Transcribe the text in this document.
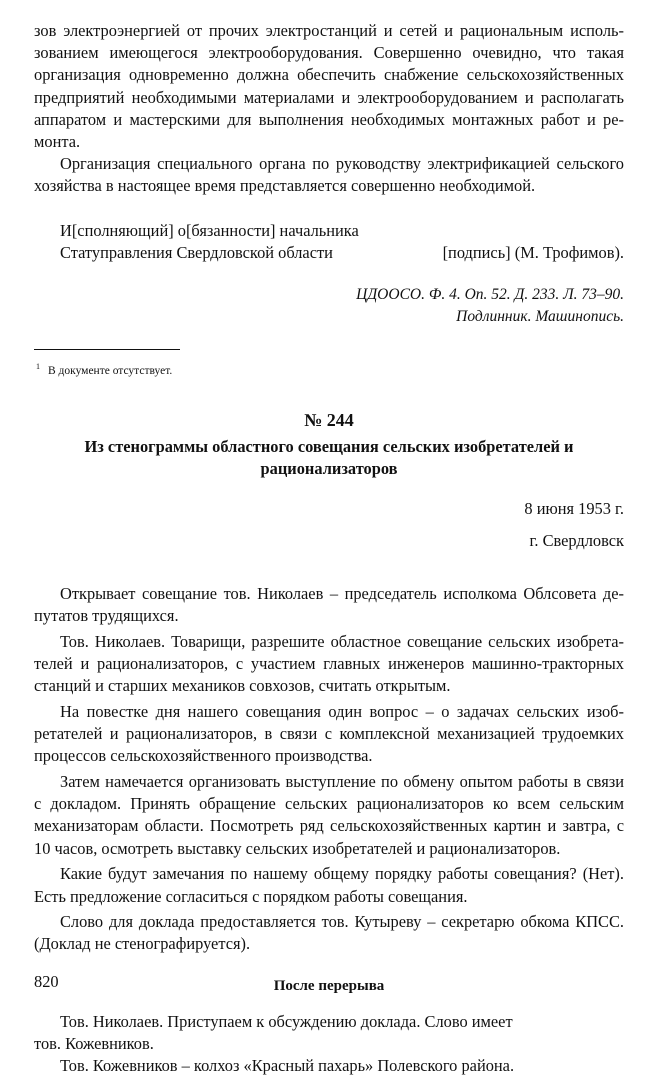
зов электроэнергией от прочих электростанций и сетей и рациональным использованием имеющегося электрооборудования. Совершенно очевидно, что такая организация одновременно должна обеспечить снабжение сельскохозяйственных предприятий необходимыми материалами и электрооборудованием и располагать аппаратом и мастерскими для выполнения необходимых монтажных работ и ремонта.

Организация специального органа по руководству электрификацией сельского хозяйства в настоящее время представляется совершенно необходимой.

И[сполняющий] о[бязанности] начальника
Статуправления Свердловской области	[подпись] (М. Трофимов).
ЦДООСО. Ф. 4. Оп. 52. Д. 233. Л. 73–90.
Подлинник. Машинопись.
$^1$ В документе отсутствует.
№ 244
Из стенограммы областного совещания сельских изобретателей и рационализаторов
8 июня 1953 г.
г. Свердловск

Открывает совещание тов. Николаев – председатель исполкома Облсовета депутатов трудящихся.

Тов. Николаев. Товарищи, разрешите областное совещание сельских изобретателей и рационализаторов, с участием главных инженеров машинно-тракторных станций и старших механиков совхозов, считать открытым.

На повестке дня нашего совещания один вопрос – о задачах сельских изобретателей и рационализаторов, в связи с комплексной механизацией трудоемких процессов сельскохозяйственного производства.

Затем намечается организовать выступление по обмену опытом работы в связи с докладом. Принять обращение сельских рационализаторов ко всем сельским механизаторам области. Посмотреть ряд сельскохозяйственных картин и завтра, с 10 часов, осмотреть выставку сельских изобретателей и рационализаторов.

Какие будут замечания по нашему общему порядку работы совещания? (Нет). Есть предложение согласиться с порядком работы совещания.

Слово для доклада предоставляется тов. Кутыреву – секретарю обкома КПСС. (Доклад не стенографируется).

После перерыва

Тов. Николаев. Приступаем к обсуждению доклада. Слово имеет тов. Кожевников.

Тов. Кожевников – колхоз «Красный пахарь» Полевского района.

820
